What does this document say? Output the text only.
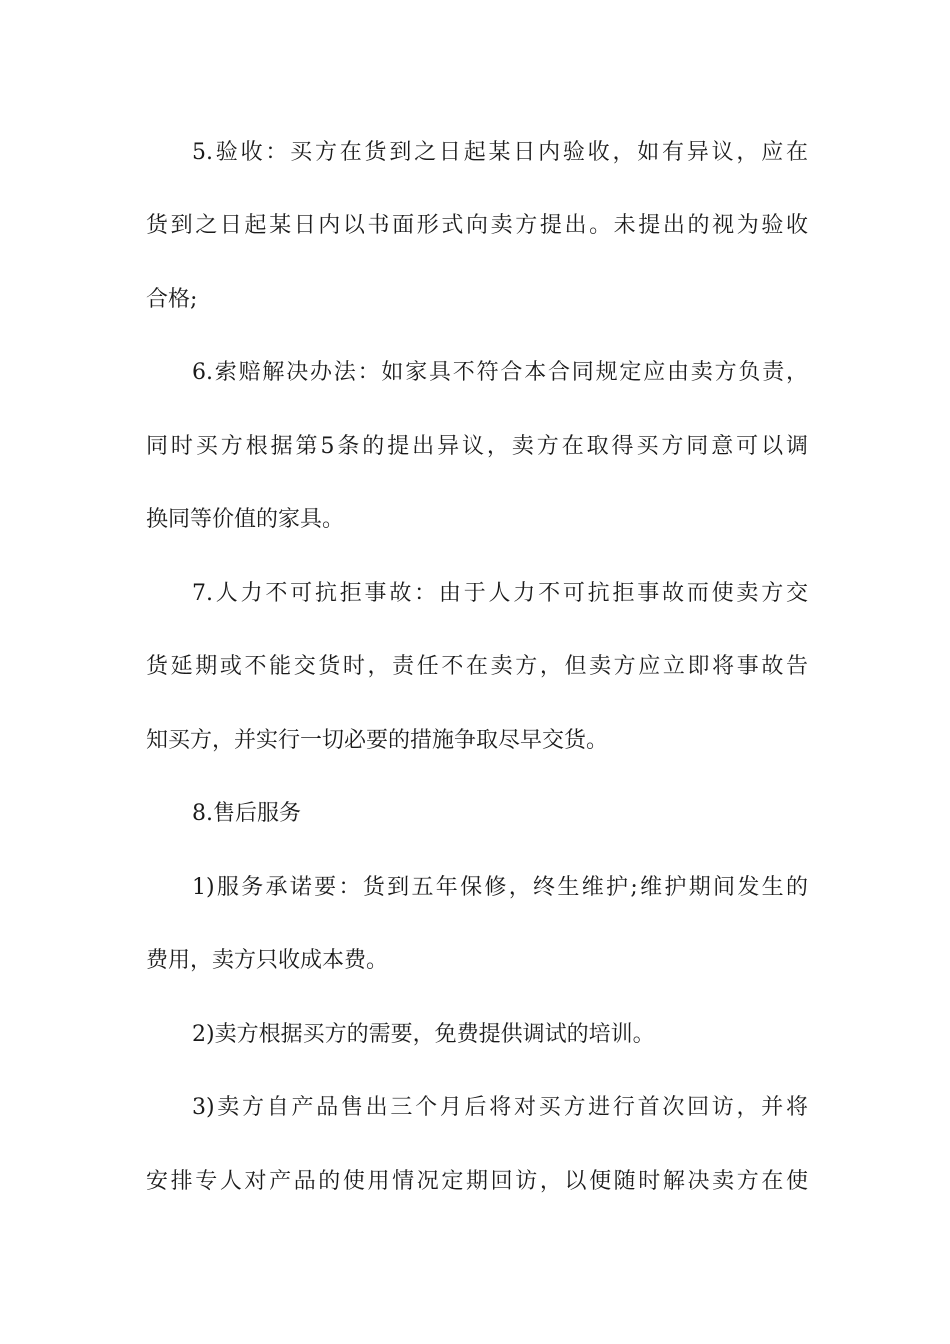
5.验收：买方在货到之日起某日内验收，如有异议，应在
货到之日起某日内以书面形式向卖方提出。未提出的视为验收
合格;
6.索赔解决办法：如家具不符合本合同规定应由卖方负责，
同时买方根据第5条的提出异议，卖方在取得买方同意可以调
换同等价值的家具。
7.人力不可抗拒事故：由于人力不可抗拒事故而使卖方交
货延期或不能交货时，责任不在卖方，但卖方应立即将事故告
知买方，并实行一切必要的措施争取尽早交货。
8.售后服务
1)服务承诺要：货到五年保修，终生维护;维护期间发生的
费用，卖方只收成本费。
2)卖方根据买方的需要，免费提供调试的培训。
3)卖方自产品售出三个月后将对买方进行首次回访，并将
安排专人对产品的使用情况定期回访，以便随时解决卖方在使
